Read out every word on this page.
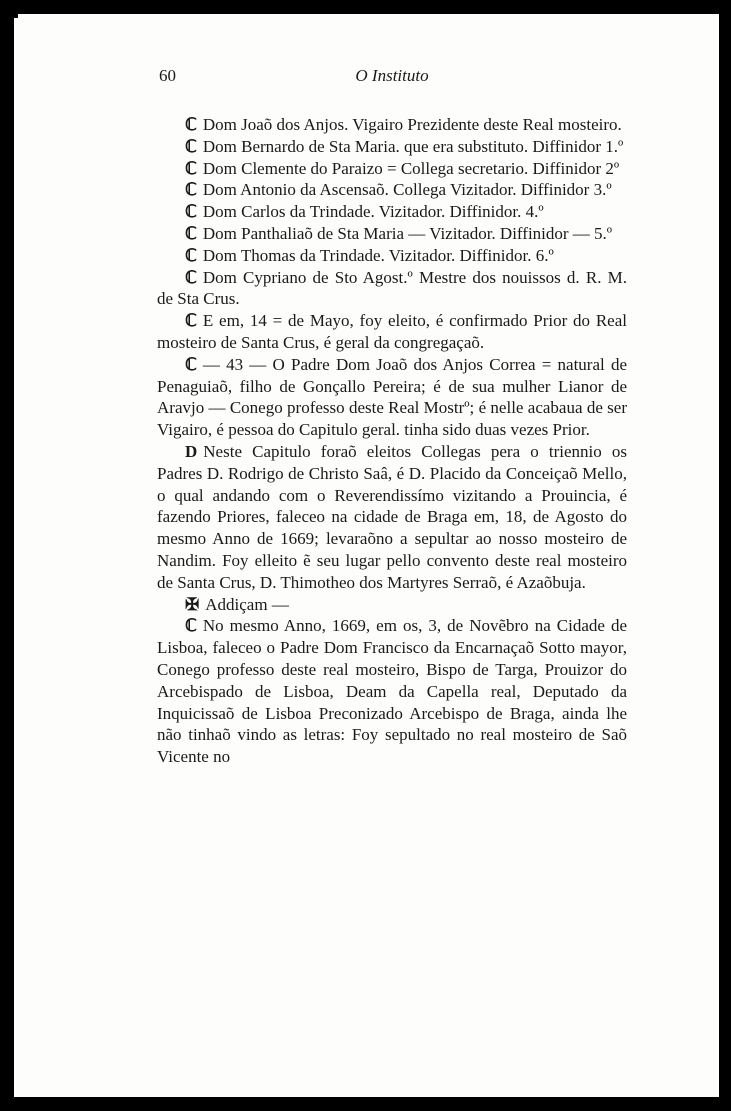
60	O Instituto

ℂ Dom Joaõ dos Anjos. Vigairo Prezidente deste Real mosteiro.

ℂ Dom Bernardo de Sta Maria. que era substituto. Diffinidor 1.º

ℂ Dom Clemente do Paraizo = Collega secretario. Diffinidor 2º

ℂ Dom Antonio da Ascensaõ. Collega Vizitador. Diffinidor 3.º

ℂ Dom Carlos da Trindade. Vizitador. Diffinidor. 4.º

ℂ Dom Panthaliaõ de Sta Maria — Vizitador. Diffinidor — 5.º

ℂ Dom Thomas da Trindade. Vizitador. Diffinidor. 6.º

ℂ Dom Cypriano de Sto Agost.º Mestre dos nouissos d. R. M. de Sta Crus.

ℂ E em, 14 = de Mayo, foy eleito, é confirmado Prior do Real mosteiro de Santa Crus, é geral da congregaçaõ.

ℂ — 43 — O Padre Dom Joaõ dos Anjos Correa = natural de Penaguiaõ, filho de Gonçallo Pereira; é de sua mulher Lianor de Aravjo — Conego professo deste Real Mostrº; é nelle acabaua de ser Vigairo, é pessoa do Capitulo geral. tinha sido duas vezes Prior.

D Neste Capitulo foraõ eleitos Collegas pera o triennio os Padres D. Rodrigo de Christo Saâ, é D. Placido da Conceiçaõ Mello, o qual andando com o Reverendissímo vizitando a Prouincia, é fazendo Priores, faleceo na cidade de Braga em, 18, de Agosto do mesmo Anno de 1669; levaraõno a sepultar ao nosso mosteiro de Nandim. Foy elleito ẽ seu lugar pello convento deste real mosteiro de Santa Crus, D. Thimotheo dos Martyres Serraõ, é Azaõbuja.

✠ Addiçam —

ℂ No mesmo Anno, 1669, em os, 3, de Novẽbro na Cidade de Lisboa, faleceo o Padre Dom Francisco da Encarnaçaõ Sotto mayor, Conego professo deste real mosteiro, Bispo de Targa, Prouizor do Arcebispado de Lisboa, Deam da Capella real, Deputado da Inquicissaõ de Lisboa Preconizado Arcebispo de Braga, ainda lhe não tinhaõ vindo as letras: Foy sepultado no real mosteiro de Saõ Vicente no
